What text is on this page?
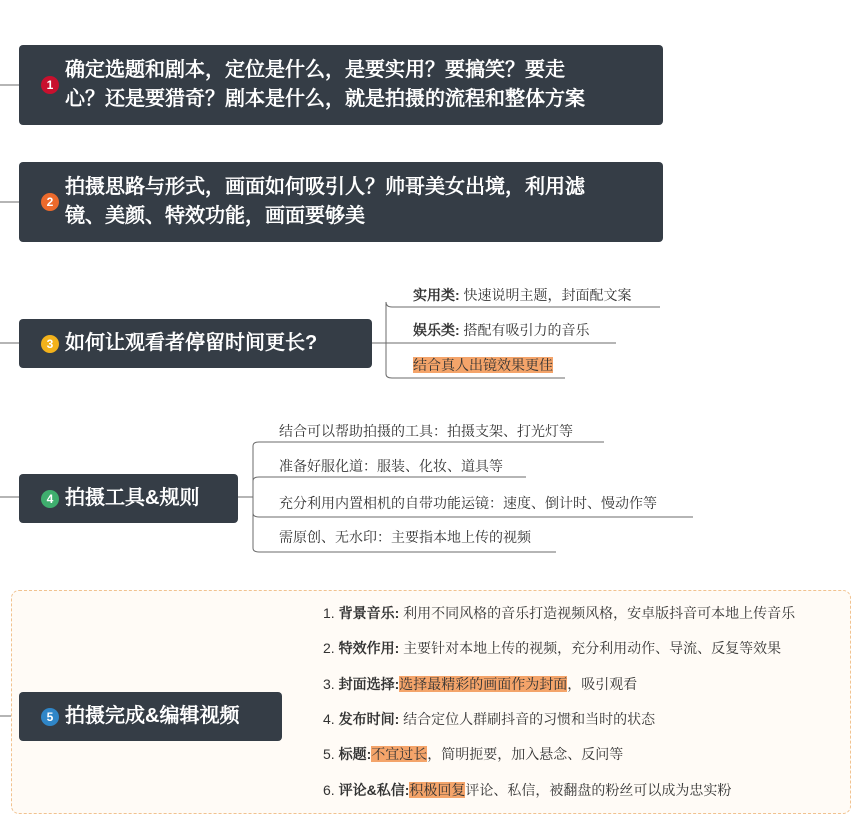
1
确定选题和剧本，定位是什么，是要实用？要搞笑？要走
心？还是要猎奇？剧本是什么，就是拍摄的流程和整体方案
2
拍摄思路与形式，画面如何吸引人？帅哥美女出境，利用滤
镜、美颜、特效功能，画面要够美
3 如何让观看者停留时间更长?
实用类: 快速说明主题，封面配文案
娱乐类: 搭配有吸引力的音乐
结合真人出镜效果更佳
4 拍摄工具&规则
结合可以帮助拍摄的工具：拍摄支架、打光灯等
准备好服化道：服装、化妆、道具等
充分利用内置相机的自带功能运镜：速度、倒计时、慢动作等
需原创、无水印：主要指本地上传的视频
5 拍摄完成&编辑视频
1. 背景音乐: 利用不同风格的音乐打造视频风格，安卓版抖音可本地上传音乐
2. 特效作用: 主要针对本地上传的视频，充分利用动作、导流、反复等效果
3. 封面选择:选择最精彩的画面作为封面，吸引观看
4. 发布时间: 结合定位人群刷抖音的习惯和当时的状态
5. 标题:不宜过长，简明扼要，加入悬念、反问等
6. 评论&私信:积极回复评论、私信，被翻盘的粉丝可以成为忠实粉
